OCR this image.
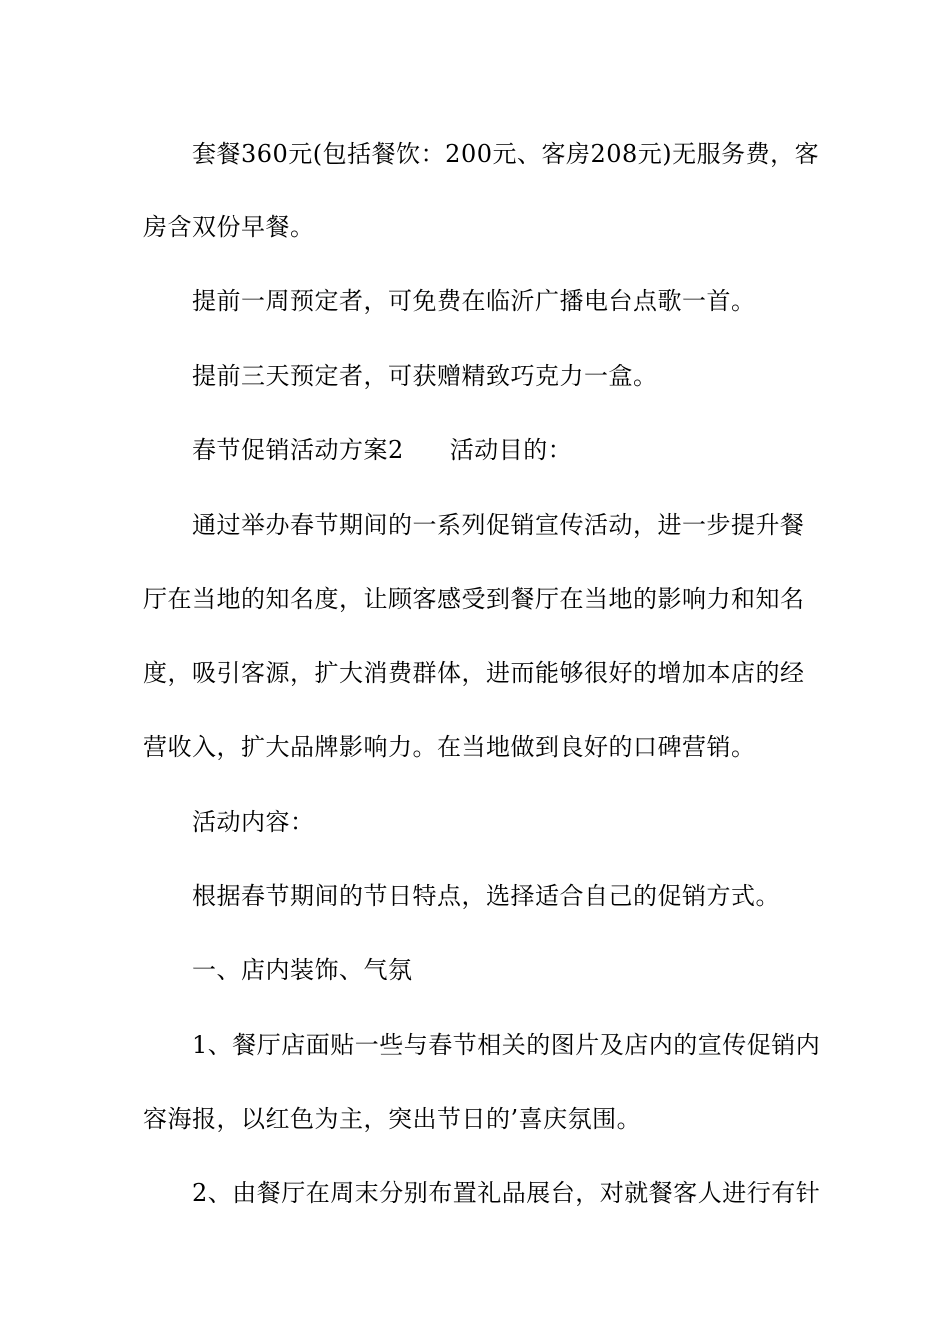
套餐360元(包括餐饮：200元、客房208元)无服务费，客
房含双份早餐。
提前一周预定者，可免费在临沂广播电台点歌一首。
提前三天预定者，可获赠精致巧克力一盒。
春节促销活动方案2 活动目的：
通过举办春节期间的一系列促销宣传活动，进一步提升餐
厅在当地的知名度，让顾客感受到餐厅在当地的影响力和知名
度，吸引客源，扩大消费群体，进而能够很好的增加本店的经
营收入，扩大品牌影响力。在当地做到良好的口碑营销。
活动内容：
根据春节期间的节日特点，选择适合自己的促销方式。
一、店内装饰、气氛
1、餐厅店面贴一些与春节相关的图片及店内的宣传促销内
容海报，以红色为主，突出节日的’喜庆氛围。
2、由餐厅在周末分别布置礼品展台，对就餐客人进行有针
